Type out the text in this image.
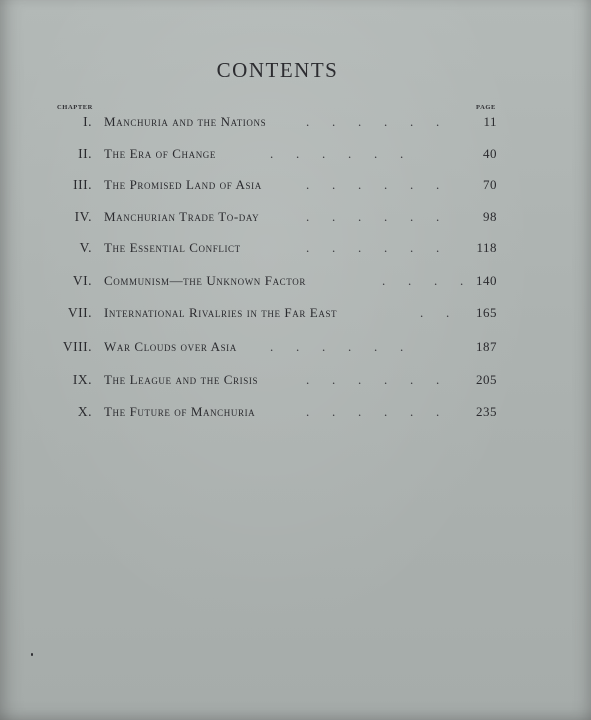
CONTENTS
CHAPTER	PAGE
I. Manchuria and the Nations	.       .       .       .       .       .	11
II. The Era of Change	.       .       .       .       .       .	40
III. The Promised Land of Asia	.       .       .       .       .       .	70
IV. Manchurian Trade To-day	.       .       .       .       .       .	98
V. The Essential Conflict	.       .       .       .       .       .	118
VI. Communism—the Unknown Factor	.       .       .       . 140
VII. International Rivalries in the Far East	.       .	165
VIII. War Clouds over Asia	.       .       .       .       .       .	187
IX. The League and the Crisis	.       .       .       .       .       .	205
X. The Future of Manchuria	.       .       .       .       .       .	235
